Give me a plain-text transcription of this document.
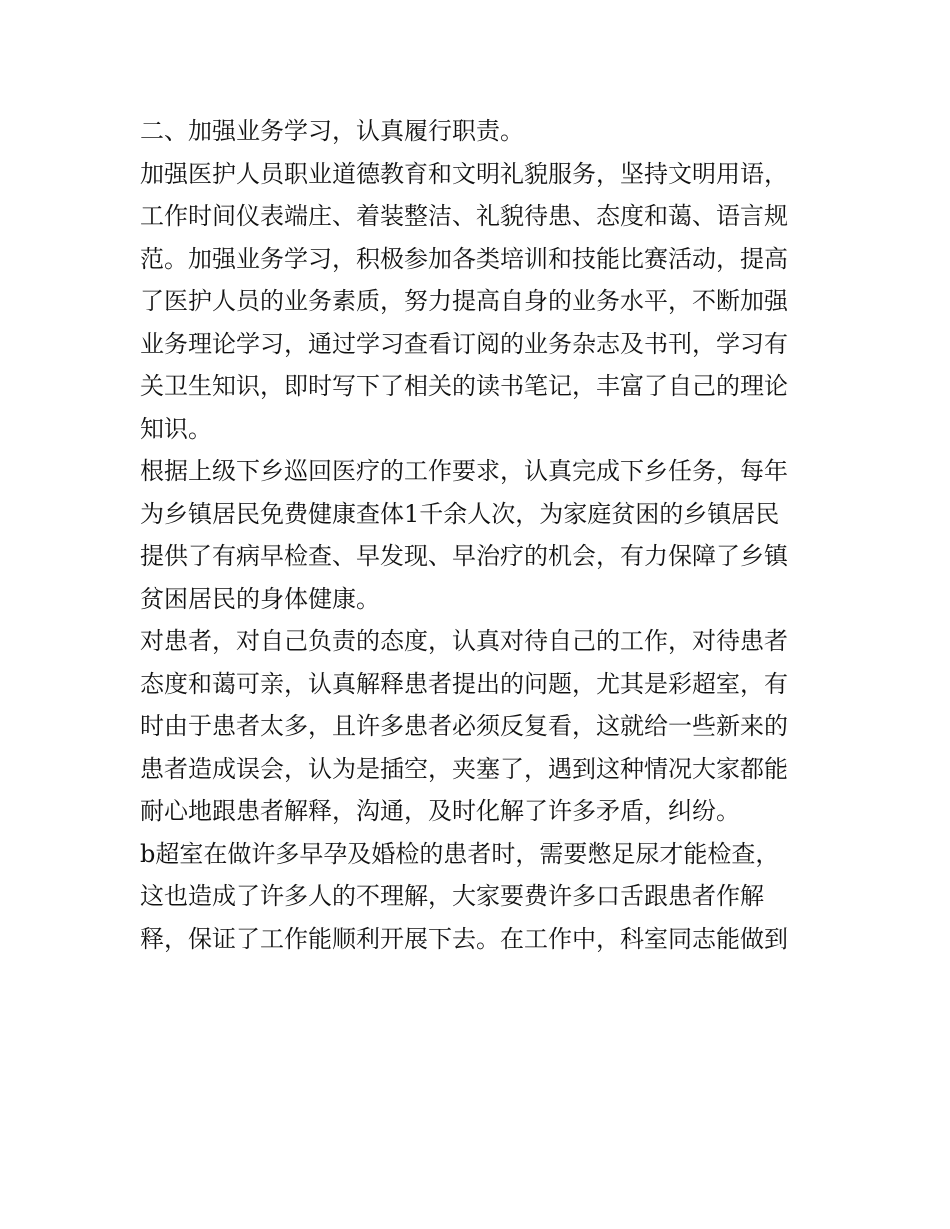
二、加强业务学习，认真履行职责。
加强医护人员职业道德教育和文明礼貌服务，坚持文明用语，
工作时间仪表端庄、着装整洁、礼貌待患、态度和蔼、语言规
范。加强业务学习，积极参加各类培训和技能比赛活动，提高
了医护人员的业务素质，努力提高自身的业务水平，不断加强
业务理论学习，通过学习查看订阅的业务杂志及书刊，学习有
关卫生知识，即时写下了相关的读书笔记，丰富了自己的理论
知识。
根据上级下乡巡回医疗的工作要求，认真完成下乡任务，每年
为乡镇居民免费健康查体1千余人次，为家庭贫困的乡镇居民
提供了有病早检查、早发现、早治疗的机会，有力保障了乡镇
贫困居民的身体健康。
对患者，对自己负责的态度，认真对待自己的工作，对待患者
态度和蔼可亲，认真解释患者提出的问题，尤其是彩超室，有
时由于患者太多，且许多患者必须反复看，这就给一些新来的
患者造成误会，认为是插空，夹塞了，遇到这种情况大家都能
耐心地跟患者解释，沟通，及时化解了许多矛盾，纠纷。
b超室在做许多早孕及婚检的患者时，需要憋足尿才能检查，
这也造成了许多人的不理解，大家要费许多口舌跟患者作解
释，保证了工作能顺利开展下去。在工作中，科室同志能做到
